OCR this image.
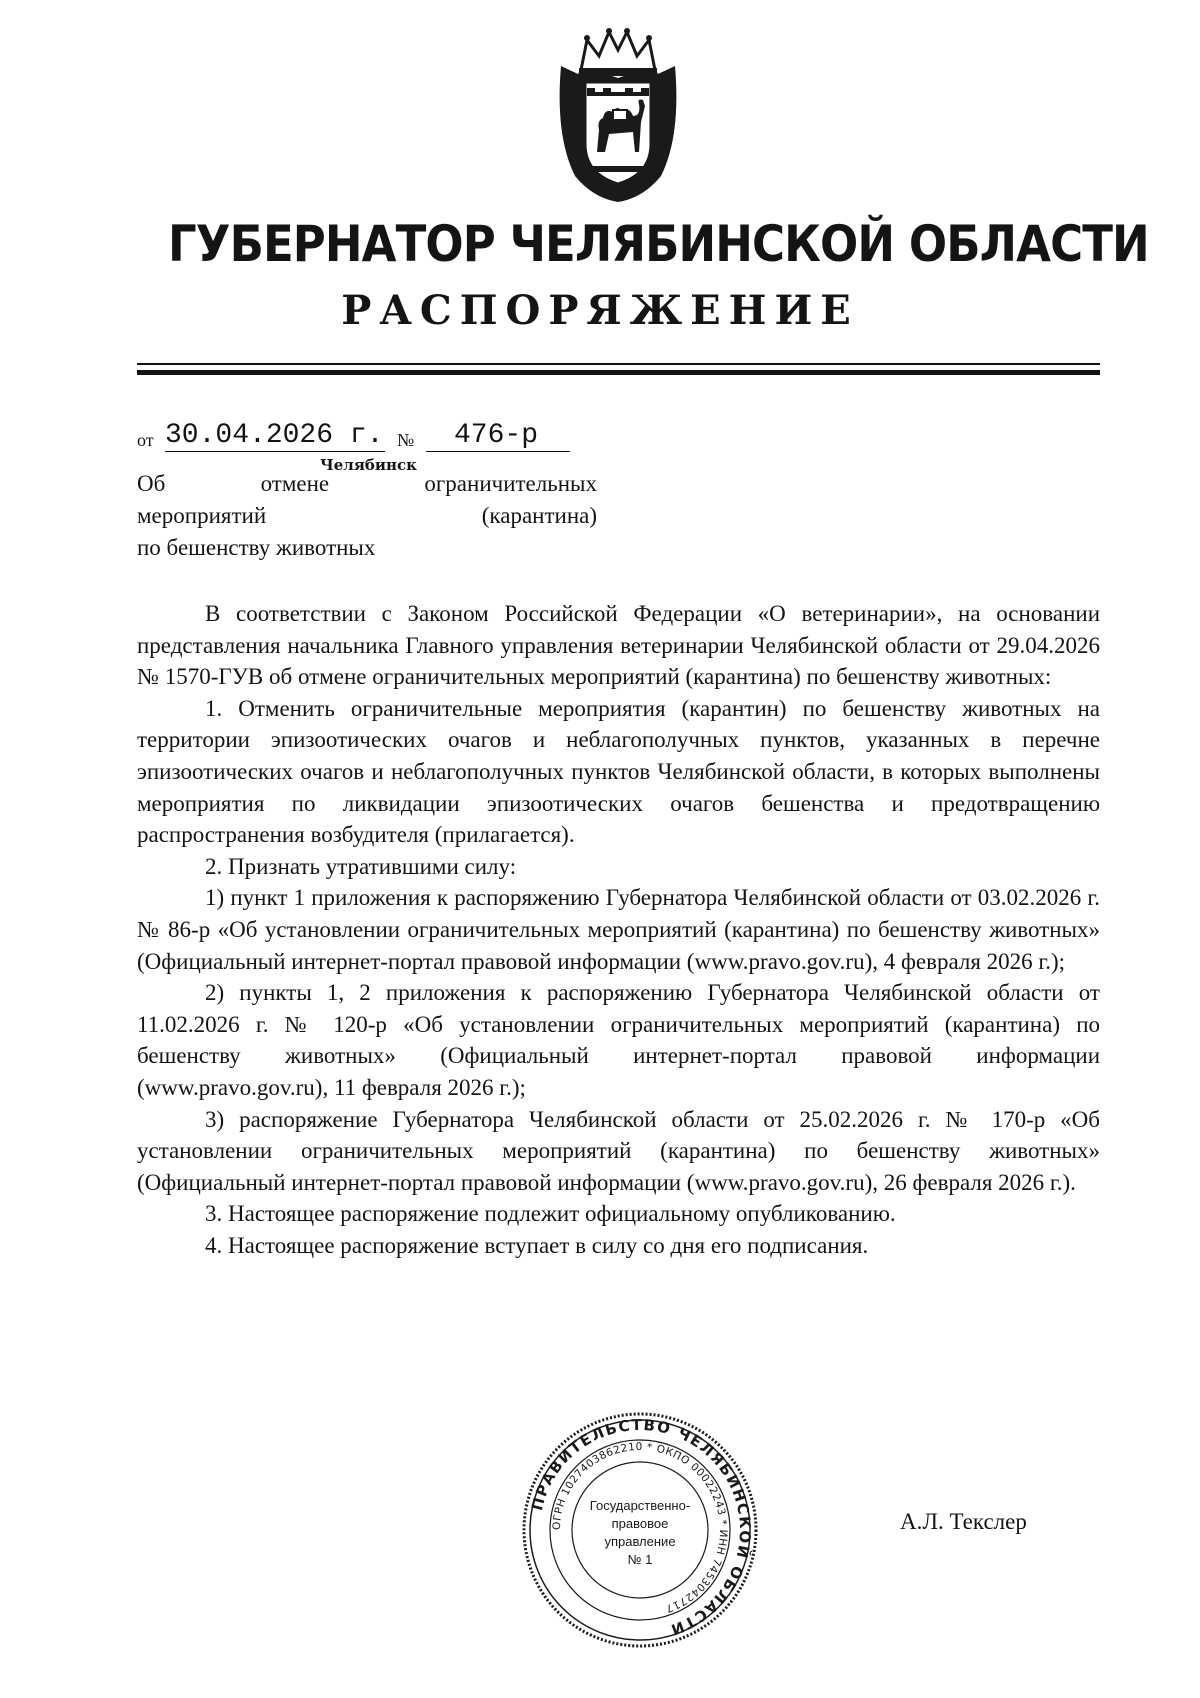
ГУБЕРНАТОР ЧЕЛЯБИНСКОЙ ОБЛАСТИ
РАСПОРЯЖЕНИЕ
от 30.04.2026 г. №	476-р
Челябинск
Об	отмене	ограничительных
мероприятий	(карантина)
по бешенству животных

В соответствии с Законом Российской Федерации «О ветеринарии», на основании представления начальника Главного управления ветеринарии Челябинской области от 29.04.2026 № 1570-ГУВ об отмене ограничительных мероприятий (карантина) по бешенству животных:

1. Отменить ограничительные мероприятия (карантин) по бешенству животных на территории эпизоотических очагов и неблагополучных пунктов, указанных в перечне эпизоотических очагов и неблагополучных пунктов Челябинской области, в которых выполнены мероприятия по ликвидации эпизоотических очагов бешенства и предотвращению распространения возбудителя (прилагается).

2. Признать утратившими силу:

1) пункт 1 приложения к распоряжению Губернатора Челябинской области от 03.02.2026 г. № 86-р «Об установлении ограничительных мероприятий (карантина) по бешенству животных» (Официальный интернет-портал правовой информации (www.pravo.gov.ru), 4 февраля 2026 г.);

2) пункты 1, 2 приложения к распоряжению Губернатора Челябинской области от 11.02.2026 г. № 120-р «Об установлении ограничительных мероприятий (карантина) по бешенству животных» (Официальный интернет-портал правовой информации (www.pravo.gov.ru), 11 февраля 2026 г.);

3) распоряжение Губернатора Челябинской области от 25.02.2026 г. № 170-р «Об установлении ограничительных мероприятий (карантина) по бешенству животных» (Официальный интернет-портал правовой информации (www.pravo.gov.ru), 26 февраля 2026 г.).

3. Настоящее распоряжение подлежит официальному опубликованию.

4. Настоящее распоряжение вступает в силу со дня его подписания.

ПРАВИТЕЛЬСТВО ЧЕЛЯБИНСКОЙ ОБЛАСТИ
ОГРН 1027403862210 * ОКПО 00022243 * ИНН 7453042717
Государственно-
правовое
управление
№ 1
А.Л. Текслер
